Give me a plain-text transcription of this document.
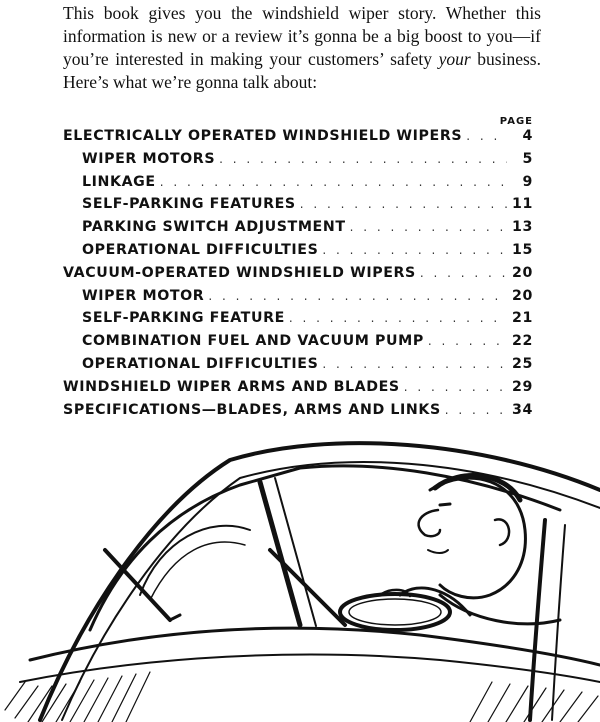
This book gives you the windshield wiper story. Whether this information is new or a review it’s gonna be a big boost to you—if you’re interested in making your customers’ safety your business. Here’s what we’re gonna talk about:
PAGE
ELECTRICALLY OPERATED WINDSHIELD WIPERS . . .	4
WIPER MOTORS . . .	5
LINKAGE . . .	9
SELF-PARKING FEATURES . . .	11
PARKING SWITCH ADJUSTMENT . . .	13
OPERATIONAL DIFFICULTIES . . .	15
VACUUM-OPERATED WINDSHIELD WIPERS . . .	20
WIPER MOTOR . . .	20
SELF-PARKING FEATURE . . .	21
COMBINATION FUEL AND VACUUM PUMP . . .	22
OPERATIONAL DIFFICULTIES . . .	25
WINDSHIELD WIPER ARMS AND BLADES . . .	29
SPECIFICATIONS—BLADES, ARMS AND LINKS . . .	34
